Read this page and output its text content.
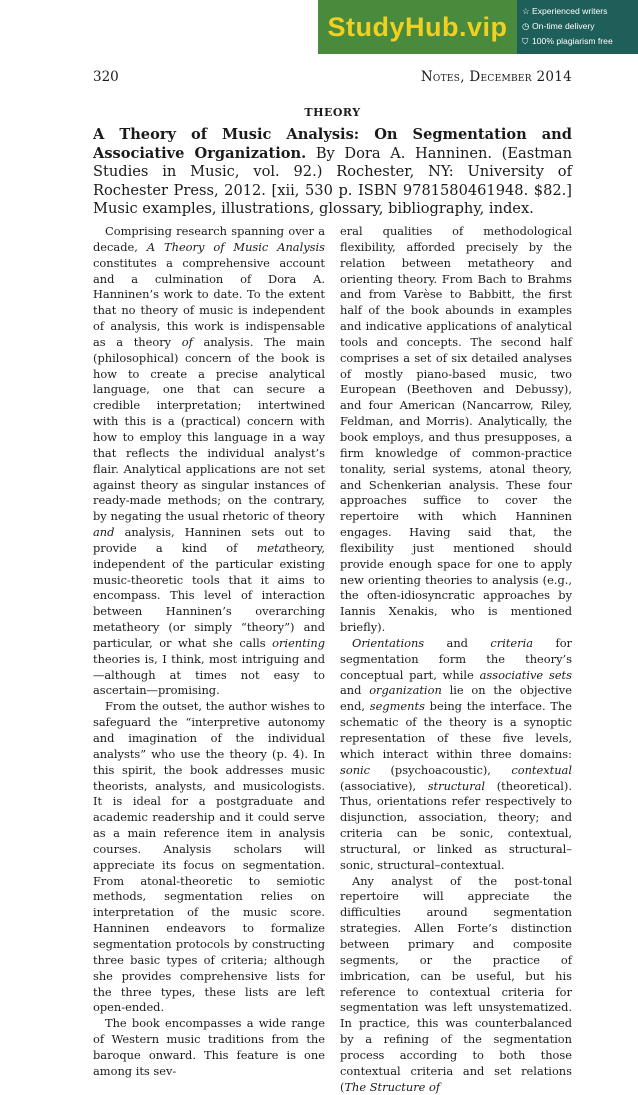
StudyHub.vip
☆ Experienced writers
◷ On-time delivery
⛉ 100% plagiarism free
320	Notes, December 2014
THEORY
A Theory of Music Analysis: On Segmentation and Associative Organization. By Dora A. Hanninen. (Eastman Studies in Music, vol. 92.) Rochester, NY: University of Rochester Press, 2012. [xii, 530 p. ISBN 9781580461948. $82.] Music examples, illustrations, glossary, bibliography, index.

Comprising research spanning over a decade, A Theory of Music Analysis constitutes a comprehensive account and a culmination of Dora A. Hanninen’s work to date. To the extent that no theory of music is independent of analysis, this work is indispensable as a theory of analysis. The main (philosophical) concern of the book is how to create a precise analytical language, one that can secure a credible interpretation; intertwined with this is a (practical) concern with how to employ this language in a way that reflects the individual analyst’s flair. Analytical applications are not set against theory as singular instances of ready-made methods; on the contrary, by negating the usual rhetoric of theory and analysis, Hanninen sets out to provide a kind of metatheory, independent of the particular existing music-theoretic tools that it aims to encompass. This level of interaction between Hanninen’s overarching metatheory (or simply “theory”) and particular, or what she calls orienting theories is, I think, most intriguing and—although at times not easy to ascertain—promising.

From the outset, the author wishes to safeguard the “interpretive autonomy and imagination of the individual analysts” who use the theory (p. 4). In this spirit, the book addresses music theorists, analysts, and musicologists. It is ideal for a postgraduate and academic readership and it could serve as a main reference item in analysis courses. Analysis scholars will appreciate its focus on segmentation. From atonal-theoretic to semiotic methods, segmentation relies on interpretation of the music score. Hanninen endeavors to formalize segmentation protocols by constructing three basic types of criteria; although she provides comprehensive lists for the three types, these lists are left open-ended.

The book encompasses a wide range of Western music traditions from the baroque onward. This feature is one among its sev-

eral qualities of methodological flexibility, afforded precisely by the relation between metatheory and orienting theory. From Bach to Brahms and from Varèse to Babbitt, the first half of the book abounds in examples and indicative applications of analytical tools and concepts. The second half comprises a set of six detailed analyses of mostly piano-based music, two European (Beethoven and Debussy), and four American (Nancarrow, Riley, Feldman, and Morris). Analytically, the book employs, and thus presupposes, a firm knowledge of common-practice tonality, serial systems, atonal theory, and Schenkerian analysis. These four approaches suffice to cover the repertoire with which Hanninen engages. Having said that, the flexibility just mentioned should provide enough space for one to apply new orienting theories to analysis (e.g., the often-idiosyncratic approaches by Iannis Xenakis, who is mentioned briefly).

Orientations and criteria for segmentation form the theory’s conceptual part, while associative sets and organization lie on the objective end, segments being the interface. The schematic of the theory is a synoptic representation of these five levels, which interact within three domains: sonic (psychoacoustic), contextual (associative), structural (theoretical). Thus, orientations refer respectively to disjunction, association, theory; and criteria can be sonic, contextual, structural, or linked as structural–sonic, structural–contextual.

Any analyst of the post-tonal repertoire will appreciate the difficulties around segmentation strategies. Allen Forte’s distinction between primary and composite segments, or the practice of imbrication, can be useful, but his reference to contextual criteria for segmentation was left unsystematized. In practice, this was counterbalanced by a refining of the segmentation process according to both those contextual criteria and set relations (The Structure of
